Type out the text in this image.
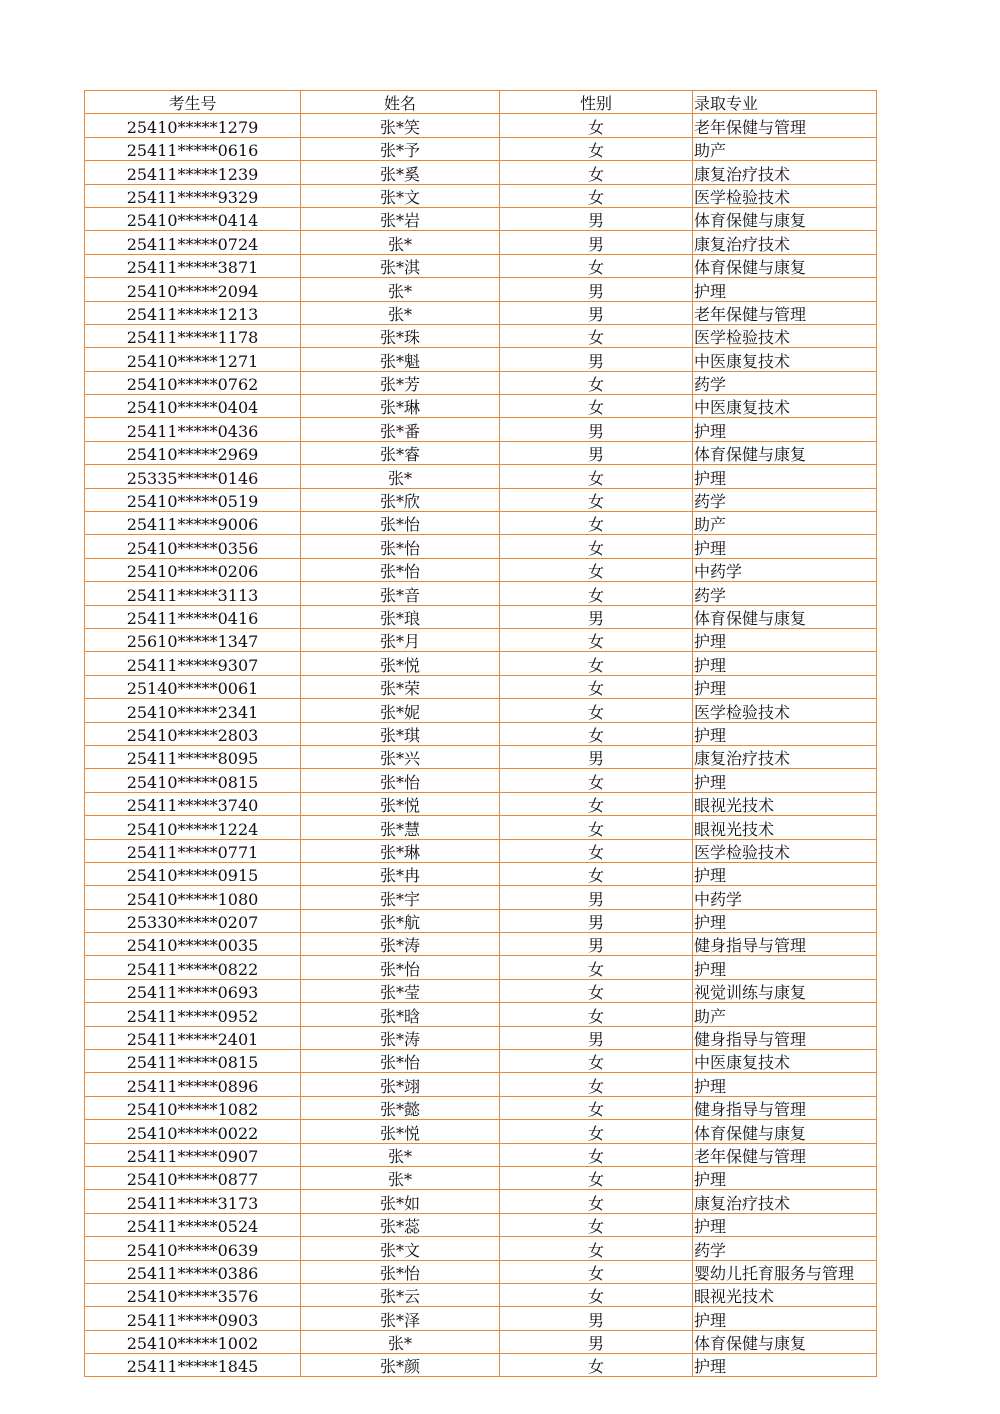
考生号	姓名	性别	录取专业
25410*****1279	张*笑	女	老年保健与管理
25411*****0616	张*予	女	助产
25411*****1239	张*奚	女	康复治疗技术
25411*****9329	张*文	女	医学检验技术
25410*****0414	张*岩	男	体育保健与康复
25411*****0724	张*	男	康复治疗技术
25411*****3871	张*淇	女	体育保健与康复
25410*****2094	张*	男	护理
25411*****1213	张*	男	老年保健与管理
25411*****1178	张*珠	女	医学检验技术
25410*****1271	张*魁	男	中医康复技术
25410*****0762	张*芳	女	药学
25410*****0404	张*琳	女	中医康复技术
25411*****0436	张*番	男	护理
25410*****2969	张*睿	男	体育保健与康复
25335*****0146	张*	女	护理
25410*****0519	张*欣	女	药学
25411*****9006	张*怡	女	助产
25410*****0356	张*怡	女	护理
25410*****0206	张*怡	女	中药学
25411*****3113	张*音	女	药学
25411*****0416	张*琅	男	体育保健与康复
25610*****1347	张*月	女	护理
25411*****9307	张*悦	女	护理
25140*****0061	张*荣	女	护理
25410*****2341	张*妮	女	医学检验技术
25410*****2803	张*琪	女	护理
25411*****8095	张*兴	男	康复治疗技术
25410*****0815	张*怡	女	护理
25411*****3740	张*悦	女	眼视光技术
25410*****1224	张*慧	女	眼视光技术
25411*****0771	张*琳	女	医学检验技术
25410*****0915	张*冉	女	护理
25410*****1080	张*宇	男	中药学
25330*****0207	张*航	男	护理
25410*****0035	张*涛	男	健身指导与管理
25411*****0822	张*怡	女	护理
25411*****0693	张*莹	女	视觉训练与康复
25411*****0952	张*晗	女	助产
25411*****2401	张*涛	男	健身指导与管理
25411*****0815	张*怡	女	中医康复技术
25411*****0896	张*翊	女	护理
25410*****1082	张*懿	女	健身指导与管理
25410*****0022	张*悦	女	体育保健与康复
25411*****0907	张*	女	老年保健与管理
25410*****0877	张*	女	护理
25411*****3173	张*如	女	康复治疗技术
25411*****0524	张*蕊	女	护理
25410*****0639	张*文	女	药学
25411*****0386	张*怡	女	婴幼儿托育服务与管理
25410*****3576	张*云	女	眼视光技术
25411*****0903	张*泽	男	护理
25410*****1002	张*	男	体育保健与康复
25411*****1845	张*颜	女	护理
